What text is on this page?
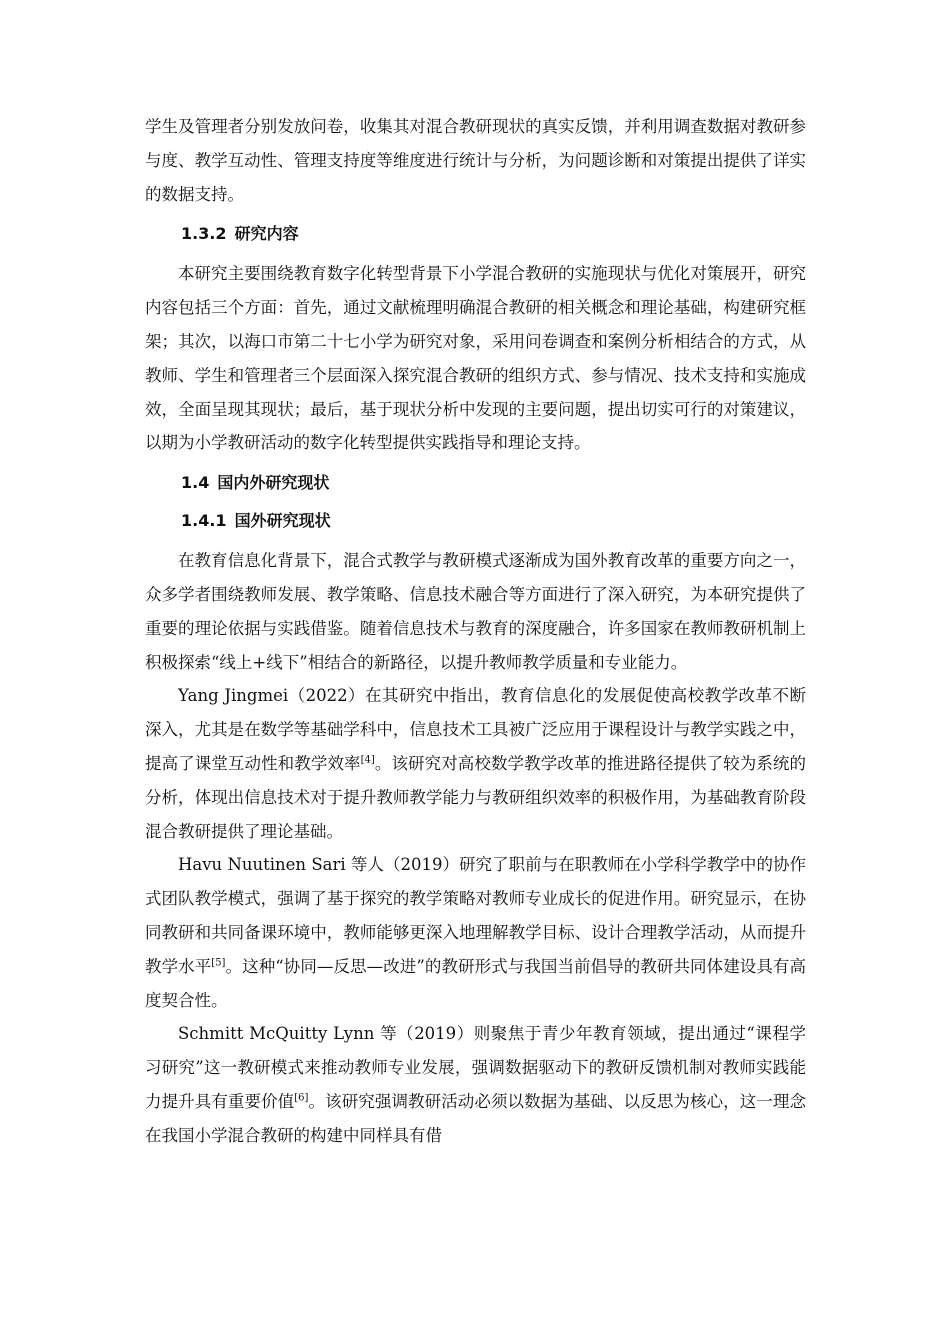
学生及管理者分别发放问卷，收集其对混合教研现状的真实反馈，并利用调查数据对教研参与度、教学互动性、管理支持度等维度进行统计与分析，为问题诊断和对策提出提供了详实的数据支持。

1.3.2 研究内容

本研究主要围绕教育数字化转型背景下小学混合教研的实施现状与优化对策展开，研究内容包括三个方面：首先，通过文献梳理明确混合教研的相关概念和理论基础，构建研究框架；其次，以海口市第二十七小学为研究对象，采用问卷调查和案例分析相结合的方式，从教师、学生和管理者三个层面深入探究混合教研的组织方式、参与情况、技术支持和实施成效，全面呈现其现状；最后，基于现状分析中发现的主要问题，提出切实可行的对策建议，以期为小学教研活动的数字化转型提供实践指导和理论支持。

1.4 国内外研究现状
1.4.1 国外研究现状

在教育信息化背景下，混合式教学与教研模式逐渐成为国外教育改革的重要方向之一，众多学者围绕教师发展、教学策略、信息技术融合等方面进行了深入研究，为本研究提供了重要的理论依据与实践借鉴。随着信息技术与教育的深度融合，许多国家在教师教研机制上积极探索“线上+线下”相结合的新路径，以提升教师教学质量和专业能力。

Yang Jingmei（2022）在其研究中指出，教育信息化的发展促使高校教学改革不断深入，尤其是在数学等基础学科中，信息技术工具被广泛应用于课程设计与教学实践之中，提高了课堂互动性和教学效率[4]。该研究对高校数学教学改革的推进路径提供了较为系统的分析，体现出信息技术对于提升教师教学能力与教研组织效率的积极作用，为基础教育阶段混合教研提供了理论基础。

Havu Nuutinen Sari 等人（2019）研究了职前与在职教师在小学科学教学中的协作式团队教学模式，强调了基于探究的教学策略对教师专业成长的促进作用。研究显示，在协同教研和共同备课环境中，教师能够更深入地理解教学目标、设计合理教学活动，从而提升教学水平[5]。这种“协同—反思—改进”的教研形式与我国当前倡导的教研共同体建设具有高度契合性。

Schmitt McQuitty Lynn 等（2019）则聚焦于青少年教育领域，提出通过“课程学习研究”这一教研模式来推动教师专业发展，强调数据驱动下的教研反馈机制对教师实践能力提升具有重要价值[6]。该研究强调教研活动必须以数据为基础、以反思为核心，这一理念在我国小学混合教研的构建中同样具有借
